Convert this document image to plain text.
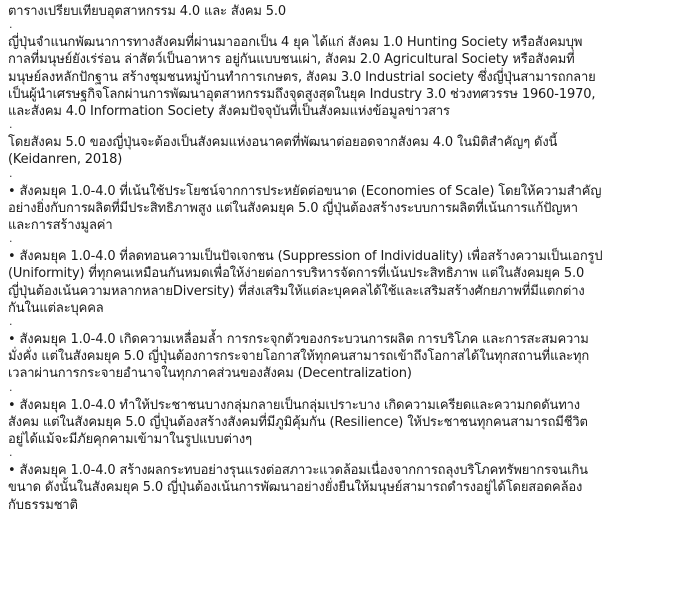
ตารางเปรียบเทียบอุตสาหกรรม 4.0 และ สังคม 5.0

.

ญี่ปุ่นจำแนกพัฒนาการทางสังคมที่ผ่านมาออกเป็น 4 ยุค ได้แก่ สังคม 1.0 Hunting Society หรือสังคมบุพ
กาลที่มนุษย์ยังเร่ร่อน ล่าสัตว์เป็นอาหาร อยู่กันแบบชนเผ่า, สังคม 2.0 Agricultural Society หรือสังคมที่
มนุษย์ลงหลักปักฐาน สร้างชุมชนหมู่บ้านทำการเกษตร, สังคม 3.0 Industrial society ซึ่งญี่ปุ่นสามารถกลาย
เป็นผู้นำเศรษฐกิจโลกผ่านการพัฒนาอุตสาหกรรมถึงจุดสูงสุดในยุค Industry 3.0 ช่วงทศวรรษ 1960-1970,
และสังคม 4.0 Information Society สังคมปัจจุบันที่เป็นสังคมแห่งข้อมูลข่าวสาร

.

โดยสังคม 5.0 ของญี่ปุ่นจะต้องเป็นสังคมแห่งอนาคตที่พัฒนาต่อยอดจากสังคม 4.0 ในมิติสำคัญๆ ดังนี้
(Keidanren, 2018)

.

• สังคมยุค 1.0-4.0 ที่เน้นใช้ประโยชน์จากการประหยัดต่อขนาด (Economies of Scale) โดยให้ความสำคัญ
อย่างยิ่งกับการผลิตที่มีประสิทธิภาพสูง แต่ในสังคมยุค 5.0 ญี่ปุ่นต้องสร้างระบบการผลิตที่เน้นการแก้ปัญหา
และการสร้างมูลค่า

.

• สังคมยุค 1.0-4.0 ที่ลดทอนความเป็นปัจเจกชน (Suppression of Individuality) เพื่อสร้างความเป็นเอกรูป
(Uniformity) ที่ทุกคนเหมือนกันหมดเพื่อให้ง่ายต่อการบริหารจัดการที่เน้นประสิทธิภาพ แต่ในสังคมยุค 5.0
ญี่ปุ่นต้องเน้นความหลากหลายDiversity) ที่ส่งเสริมให้แต่ละบุคคลได้ใช้และเสริมสร้างศักยภาพที่มีแตกต่าง
กันในแต่ละบุคคล

.

• สังคมยุค 1.0-4.0 เกิดความเหลื่อมล้ำ การกระจุกตัวของกระบวนการผลิต การบริโภค และการสะสมความ
มั่งคั่ง แต่ในสังคมยุค 5.0 ญี่ปุ่นต้องการกระจายโอกาสให้ทุกคนสามารถเข้าถึงโอกาสได้ในทุกสถานที่และทุก
เวลาผ่านการกระจายอำนาจในทุกภาคส่วนของสังคม (Decentralization)

.

• สังคมยุค 1.0-4.0 ทำให้ประชาชนบางกลุ่มกลายเป็นกลุ่มเปราะบาง เกิดความเครียดและความกดดันทาง
สังคม แต่ในสังคมยุค 5.0 ญี่ปุ่นต้องสร้างสังคมที่มีภูมิคุ้มกัน (Resilience) ให้ประชาชนทุกคนสามารถมีชีวิต
อยู่ได้แม้จะมีภัยคุกคามเข้ามาในรูปแบบต่างๆ

.

• สังคมยุค 1.0-4.0 สร้างผลกระทบอย่างรุนแรงต่อสภาวะแวดล้อมเนื่องจากการถลุงบริโภคทรัพยากรจนเกิน
ขนาด ดังนั้นในสังคมยุค 5.0 ญี่ปุ่นต้องเน้นการพัฒนาอย่างยั่งยืนให้มนุษย์สามารถดำรงอยู่ได้โดยสอดคล้อง
กับธรรมชาติ
